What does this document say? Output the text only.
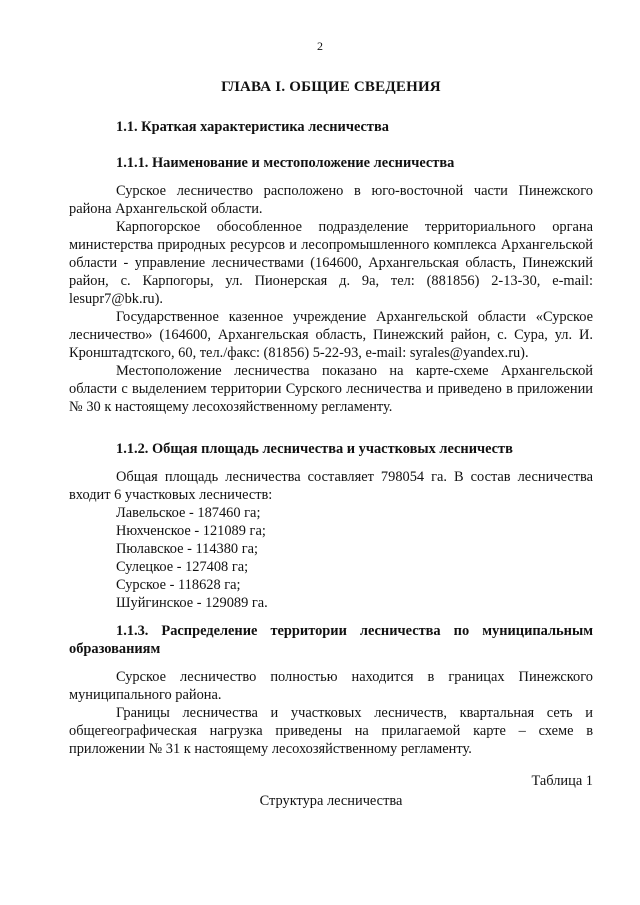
2
ГЛАВА I. ОБЩИЕ СВЕДЕНИЯ
1.1. Краткая характеристика лесничества
1.1.1. Наименование и местоположение лесничества

Сурское лесничество расположено в юго-восточной части Пинежского района Архангельской области.

Карпогорское обособленное подразделение территориального органа министерства природных ресурсов и лесопромышленного комплекса Архангельской области - управление лесничествами (164600, Архангельская область, Пинежский район, с. Карпогоры, ул. Пионерская д. 9а, тел: (881856) 2-13-30, e-mail: lesupr7@bk.ru).

Государственное казенное учреждение Архангельской области «Сурское лесничество» (164600, Архангельская область, Пинежский район, с. Сура, ул. И. Кронштадтского, 60, тел./факс: (81856) 5-22-93, e-mail: syrales@yandex.ru).

Местоположение лесничества показано на карте-схеме Архангельской области с выделением территории Сурского лесничества и приведено в приложении № 30 к настоящему лесохозяйственному регламенту.

1.1.2. Общая площадь лесничества и участковых лесничеств

Общая площадь лесничества составляет 798054 га. В состав лесничества входит 6 участковых лесничеств:

Лавельское - 187460 га;
Нюхченское - 121089 га;
Пюлавское - 114380 га;
Сулецкое - 127408 га;
Сурское - 118628 га;
Шуйгинское - 129089 га.
1.1.3. Распределение территории лесничества по муниципальным образованиям

Сурское лесничество полностью находится в границах Пинежского муниципального района.

Границы лесничества и участковых лесничеств, квартальная сеть и общегеографическая нагрузка приведены на прилагаемой карте – схеме в приложении № 31 к настоящему лесохозяйственному регламенту.

Таблица 1
Структура лесничества
